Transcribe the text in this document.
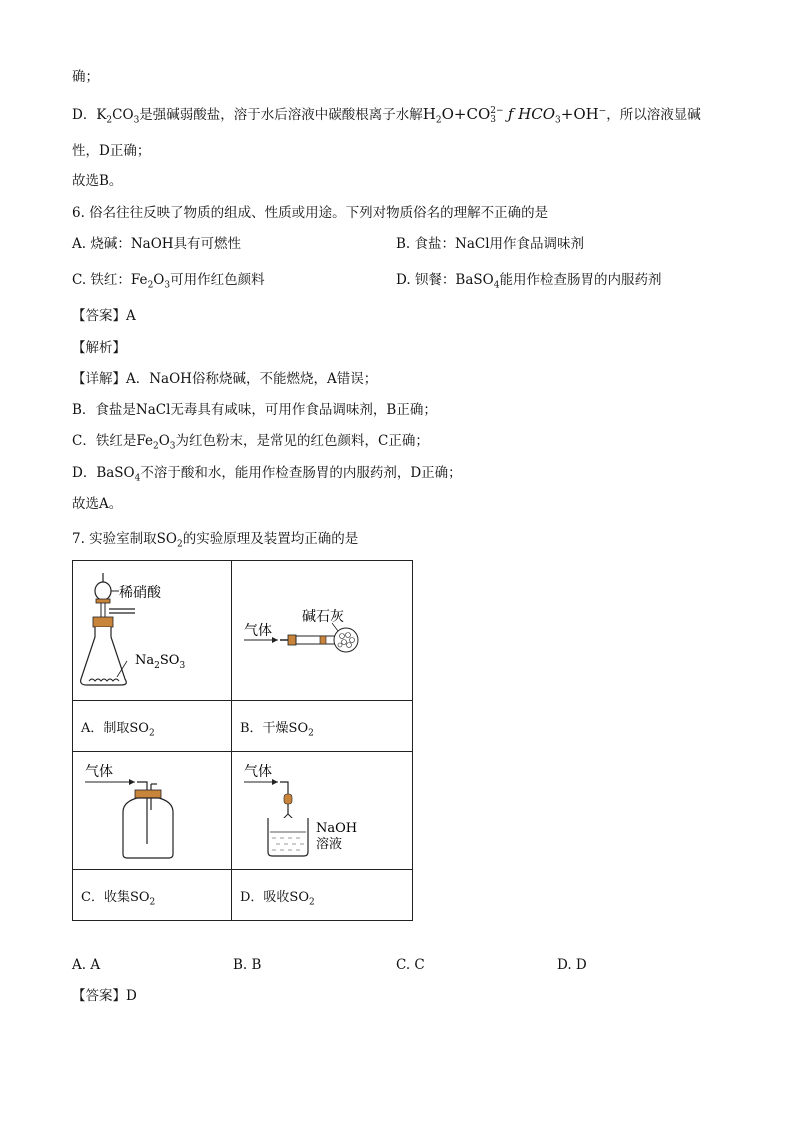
确；
D．$K_2CO_3$是强碱弱酸盐，溶于水后溶液中碳酸根离子水解$H_2O+CO$ 2−
3 ƒ $HCO_3+OH^-$，所以溶液显碱
性，D正确；
故选B。
6. 俗名往往反映了物质的组成、性质或用途。下列对物质俗名的理解不正确的是
A. 烧碱：NaOH具有可燃性	B. 食盐：NaCl用作食品调味剂
C. 铁红：$Fe_2O_3$可用作红色颜料	D. 钡餐：BaSO$_4$能用作检查肠胃的内服药剂
【答案】A
【解析】
【详解】A．NaOH俗称烧碱，不能燃烧，A错误；
B．食盐是NaCl无毒具有咸味，可用作食品调味剂，B正确；
C．铁红是$Fe_2O_3$为红色粉末，是常见的红色颜料，C正确；
D．BaSO$_4$不溶于酸和水，能用作检查肠胃的内服药剂，D正确；
故选A。
7. 实验室制取$SO_2$的实验原理及装置均正确的是
稀硝酸
$Na_2SO_3$	气体
碱石灰

A．制取$SO_2$	B．干燥$SO_2$

气体	气体
NaOH
溶液

C．收集$SO_2$	D．吸收$SO_2$
A. A	B. B	C. C	D. D
【答案】D
